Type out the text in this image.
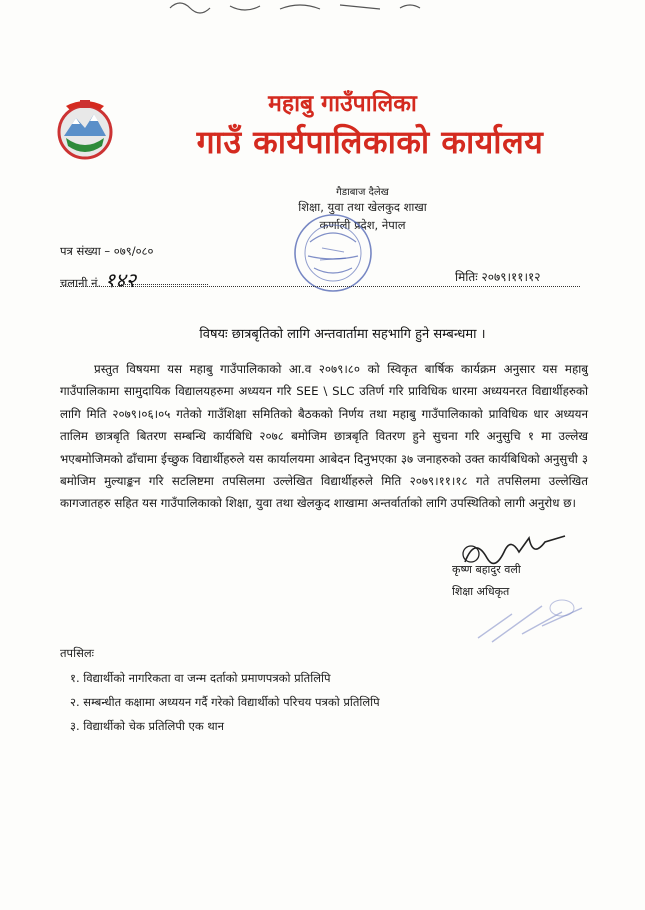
महाबु गाउँपालिका
गाउँ कार्यपालिकाको कार्यालय
गैडाबाज दैलेख
शिक्षा, युवा तथा खेलकुद शाखा
कर्णाली प्रदेश, नेपाल
पत्र संख्या – ०७९/०८०
चलानी नं. १४२	मितिः २०७९।११।१२
विषयः छात्रबृतिको लागि अन्तवार्तामा सहभागि हुने सम्बन्धमा ।
प्रस्तुत विषयमा यस महाबु गाउँपालिकाको आ.व २०७९।८० को स्विकृत बार्षिक कार्यक्रम अनुसार यस महाबु गाउँपालिकामा सामुदायिक विद्यालयहरुमा अध्ययन गरि SEE \ SLC उतिर्ण गरि प्राविधिक धारमा अध्ययनरत विद्यार्थीहरुको लागि मिति २०७९।०६।०५ गतेको गाउँशिक्षा समितिको बैठकको निर्णय तथा महाबु गाउँपालिकाको प्राविधिक धार अध्ययन तालिम छात्रबृति बितरण सम्बन्धि कार्यबिधि २०७८ बमोजिम छात्रबृति वितरण हुने सुचना गरि अनुसुचि १ मा उल्लेख भएबमोजिमको ढाँचामा ईच्छुक विद्यार्थीहरुले यस कार्यालयमा आबेदन दिनुभएका ३७ जनाहरुको उक्त कार्यबिधिको अनुसुची ३ बमोजिम मुल्याङ्कन गरि सटलिष्टमा तपसिलमा उल्लेखित विद्यार्थीहरुले मिति २०७९।११।१८ गते तपसिलमा उल्लेखित कागजातहरु सहित यस गाउँपालिकाको शिक्षा, युवा तथा खेलकुद शाखामा अन्तर्वार्ताको लागि उपस्थितिको लागी अनुरोध छ।
कृष्ण बहादुर वली
शिक्षा अधिकृत
तपसिलः
१. विद्यार्थीको नागरिकता वा जन्म दर्ताको प्रमाणपत्रको प्रतिलिपि
२. सम्बन्धीत कक्षामा अध्ययन गर्दै गरेको विद्यार्थीको परिचय पत्रको प्रतिलिपि
३. विद्यार्थीको चेक प्रतिलिपी एक थान
